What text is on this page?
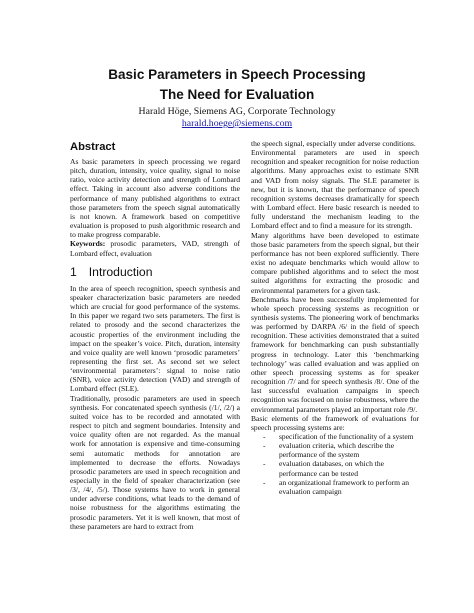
Basic Parameters in Speech Processing
The Need for Evaluation
Harald Höge, Siemens AG, Corporate Technology
harald.hoege@siemens.com
Abstract

As basic parameters in speech processing we regard pitch, duration, intensity, voice quality, signal to noise ratio, voice activity detection and strength of Lombard effect. Taking in account also adverse conditions the performance of many published algorithms to extract those parameters from the speech signal automatically is not known. A framework based on competitive evaluation is proposed to push algorithmic research and to make progress comparable.

Keywords: prosodic parameters, VAD, strength of Lombard effect, evaluation

1 Introduction

In the area of speech recognition, speech synthesis and speaker characterization basic parameters are needed which are crucial for good performance of the systems. In this paper we regard two sets parameters. The first is related to prosody and the second characterizes the acoustic properties of the environment including the impact on the speaker’s voice. Pitch, duration, intensity and voice quality are well known ‘prosodic parameters’ representing the first set. As second set we select ‘environmental parameters’: signal to noise ratio (SNR), voice activity detection (VAD) and strength of Lombard effect (SLE).

Traditionally, prosodic parameters are used in speech synthesis. For concatenated speech synthesis (/1/, /2/) a suited voice has to be recorded and annotated with respect to pitch and segment boundaries. Intensity and voice quality often are not regarded. As the manual work for annotation is expensive and time-consuming semi automatic methods for annotation are implemented to decrease the efforts. Nowadays prosodic parameters are used in speech recognition and especially in the field of speaker characterization (see /3/, /4/, /5/). Those systems have to work in general under adverse conditions, what leads to the demand of noise robustness for the algorithms estimating the prosodic parameters. Yet it is well known, that most of these parameters are hard to extract from

the speech signal, especially under adverse conditions.

Environmental parameters are used in speech recognition and speaker recognition for noise reduction algorithms. Many approaches exist to estimate SNR and VAD from noisy signals. The SLE parameter is new, but it is known, that the performance of speech recognition systems decreases dramatically for speech with Lombard effect. Here basic research is needed to fully understand the mechanism leading to the Lombard effect and to find a measure for its strength.

Many algorithms have been developed to estimate those basic parameters from the speech signal, but their performance has not been explored sufficiently. There exist no adequate benchmarks which would allow to compare published algorithms and to select the most suited algorithms for extracting the prosodic and environmental parameters for a given task.

Benchmarks have been successfully implemented for whole speech processing systems as recognition or synthesis systems. The pioneering work of benchmarks was performed by DARPA /6/ in the field of speech recognition. These activities demonstrated that a suited framework for benchmarking can push substantially progress in technology. Later this ‘benchmarking technology’ was called evaluation and was applied on other speech processing systems as for speaker recognition /7/ and for speech synthesis /8/. One of the last successful evaluation campaigns in speech recognition was focused on noise robustness, where the environmental parameters played an important role /9/.

Basic elements of the framework of evaluations for speech processing systems are:

- specification of the functionality of a system
- evaluation criteria, which describe the performance of the system
- evaluation databases, on which the performance can be tested
- an organizational framework to perform an evaluation campaign
